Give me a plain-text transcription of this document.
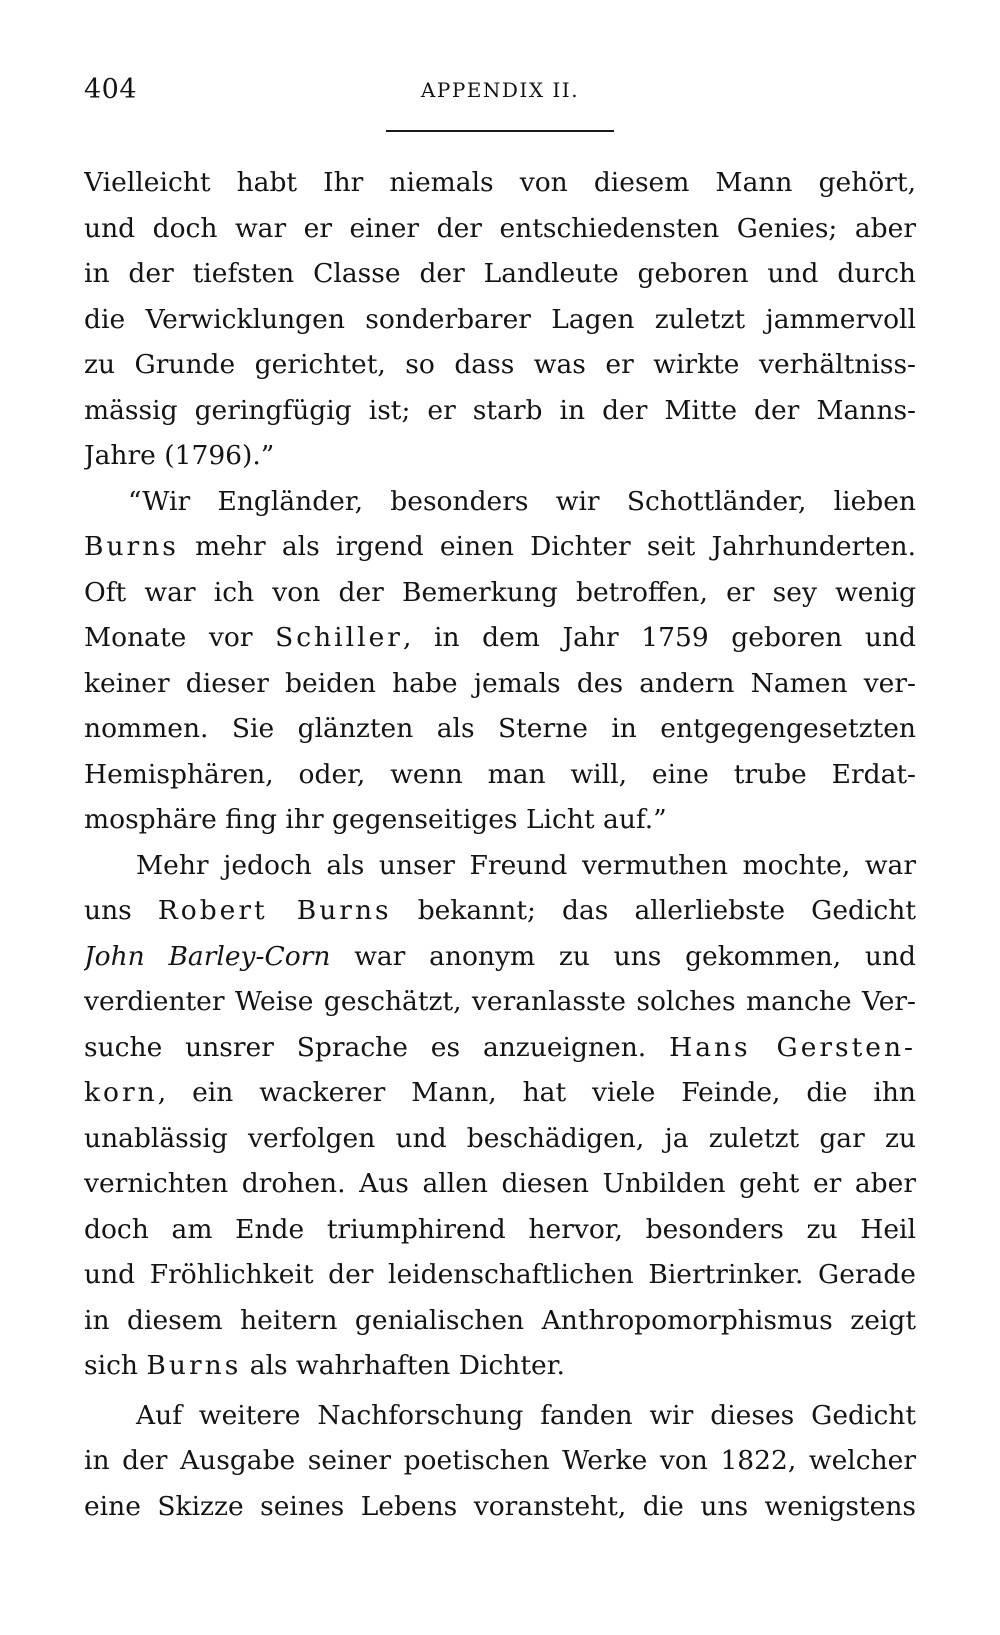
404	APPENDIX II.
Vielleicht habt Ihr niemals von diesem Mann gehört,
und doch war er einer der entschiedensten Genies; aber
in der tiefsten Classe der Landleute geboren und durch
die Verwicklungen sonderbarer Lagen zuletzt jammervoll
zu Grunde gerichtet, so dass was er wirkte verhältniss-
mässig geringfügig ist; er starb in der Mitte der Manns-
Jahre (1796).”
“Wir Engländer, besonders wir Schottländer, lieben
Burns mehr als irgend einen Dichter seit Jahrhunderten.
Oft war ich von der Bemerkung betroffen, er sey wenig
Monate vor Schiller, in dem Jahr 1759 geboren und
keiner dieser beiden habe jemals des andern Namen ver-
nommen. Sie glänzten als Sterne in entgegengesetzten
Hemisphären, oder, wenn man will, eine trube Erdat-
mosphäre fing ihr gegenseitiges Licht auf.”
Mehr jedoch als unser Freund vermuthen mochte, war
uns Robert Burns bekannt; das allerliebste Gedicht
John Barley-Corn war anonym zu uns gekommen, und
verdienter Weise geschätzt, veranlasste solches manche Ver-
suche unsrer Sprache es anzueignen. Hans Gersten-
korn, ein wackerer Mann, hat viele Feinde, die ihn
unablässig verfolgen und beschädigen, ja zuletzt gar zu
vernichten drohen. Aus allen diesen Unbilden geht er aber
doch am Ende triumphirend hervor, besonders zu Heil
und Fröhlichkeit der leidenschaftlichen Biertrinker. Gerade
in diesem heitern genialischen Anthropomorphismus zeigt
sich Burns als wahrhaften Dichter.
Auf weitere Nachforschung fanden wir dieses Gedicht
in der Ausgabe seiner poetischen Werke von 1822, welcher
eine Skizze seines Lebens voransteht, die uns wenigstens
